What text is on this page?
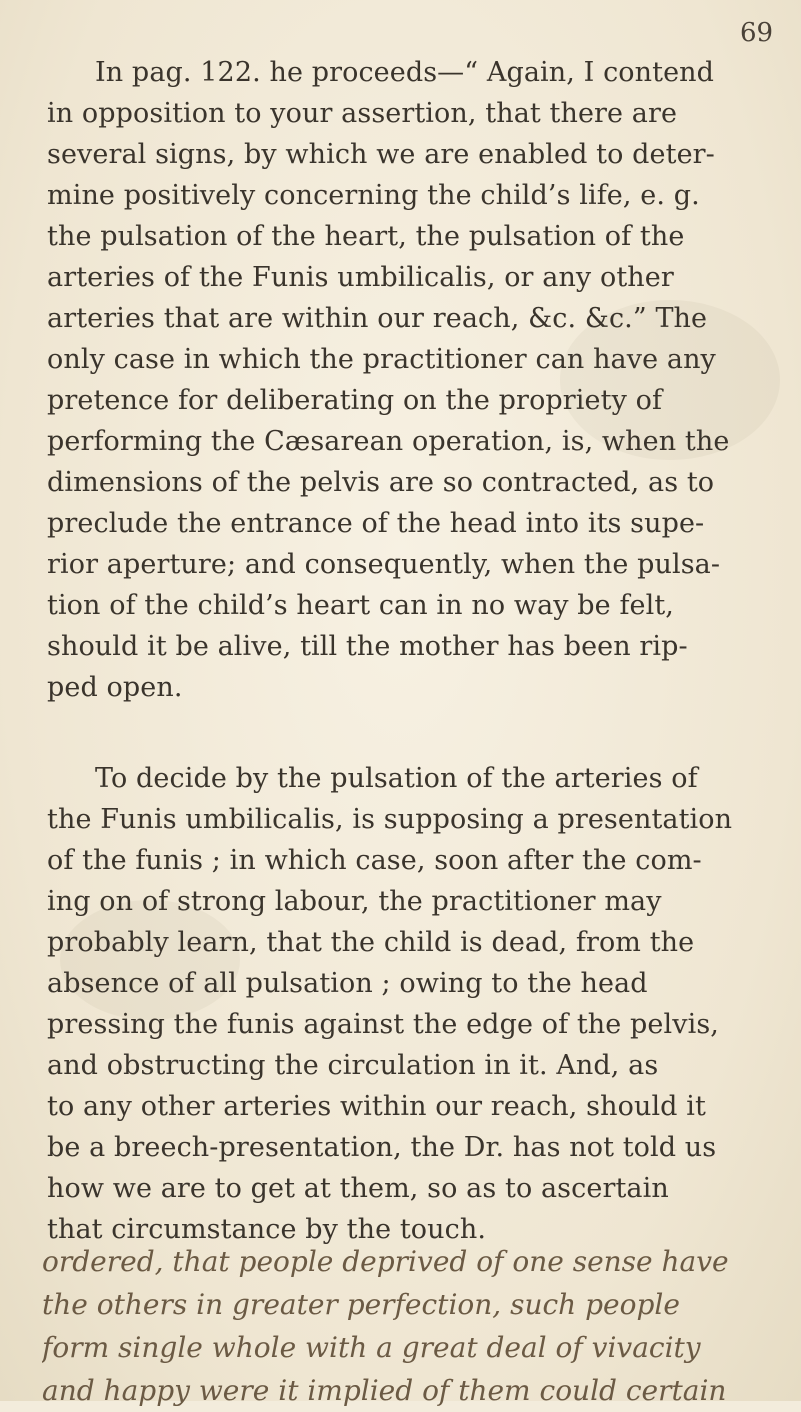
69
In pag. 122. he proceeds—“ Again, I contend
in opposition to your assertion, that there are
several signs, by which we are enabled to deter-
mine positively concerning the child’s life, e. g.
the pulsation of the heart, the pulsation of the
arteries of the Funis umbilicalis, or any other
arteries that are within our reach, &c. &c.” The
only case in which the practitioner can have any
pretence for deliberating on the propriety of
performing the Cæsarean operation, is, when the
dimensions of the pelvis are so contracted, as to
preclude the entrance of the head into its supe-
rior aperture; and consequently, when the pulsa-
tion of the child’s heart can in no way be felt,
should it be alive, till the mother has been rip-
ped open.
To decide by the pulsation of the arteries of
the Funis umbilicalis, is supposing a presentation
of the funis ; in which case, soon after the com-
ing on of strong labour, the practitioner may
probably learn, that the child is dead, from the
absence of all pulsation ; owing to the head
pressing the funis against the edge of the pelvis,
and obstructing the circulation in it. And, as
to any other arteries within our reach, should it
be a breech-presentation, the Dr. has not told us
how we are to get at them, so as to ascertain
that circumstance by the touch.
ordered, that people deprived of one sense have
the others in greater perfection, such people
form single whole with a great deal of vivacity
and happy were it implied of them could certain
